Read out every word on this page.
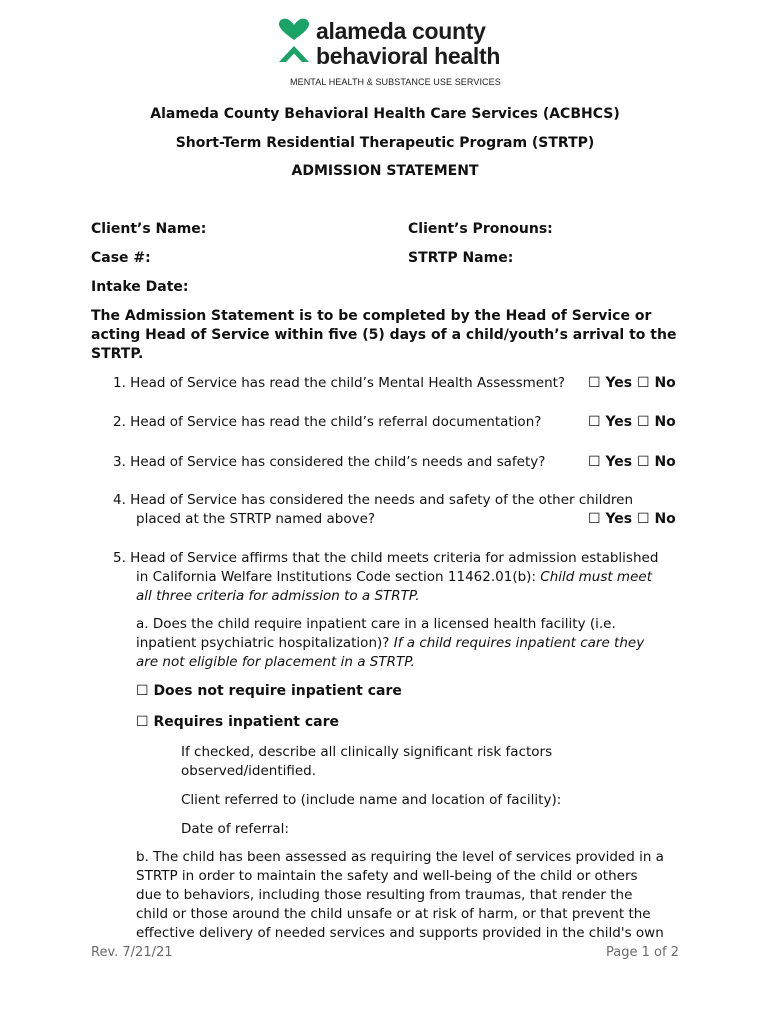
alameda county
behavioral health
MENTAL HEALTH & SUBSTANCE USE SERVICES
Alameda County Behavioral Health Care Services (ACBHCS)
Short-Term Residential Therapeutic Program (STRTP)
ADMISSION STATEMENT
Client’s Name:	Client’s Pronouns:
Case #:	STRTP Name:
Intake Date:
The Admission Statement is to be completed by the Head of Service or
acting Head of Service within five (5) days of a child/youth’s arrival to the
STRTP.
1. Head of Service has read the child’s Mental Health Assessment? ☐ Yes ☐ No
2. Head of Service has read the child’s referral documentation?	☐ Yes ☐ No
3. Head of Service has considered the child’s needs and safety?	☐ Yes ☐ No
4. Head of Service has considered the needs and safety of the other children
placed at the STRTP named above?	☐ Yes ☐ No
5. Head of Service affirms that the child meets criteria for admission established
in California Welfare Institutions Code section 11462.01(b): Child must meet
all three criteria for admission to a STRTP.
a. Does the child require inpatient care in a licensed health facility (i.e.
inpatient psychiatric hospitalization)? If a child requires inpatient care they
are not eligible for placement in a STRTP.
☐ Does not require inpatient care
☐ Requires inpatient care
If checked, describe all clinically significant risk factors
observed/identified.
Client referred to (include name and location of facility):
Date of referral:
b. The child has been assessed as requiring the level of services provided in a
STRTP in order to maintain the safety and well-being of the child or others
due to behaviors, including those resulting from traumas, that render the
child or those around the child unsafe or at risk of harm, or that prevent the
effective delivery of needed services and supports provided in the child's own
Rev. 7/21/21	Page 1 of 2
